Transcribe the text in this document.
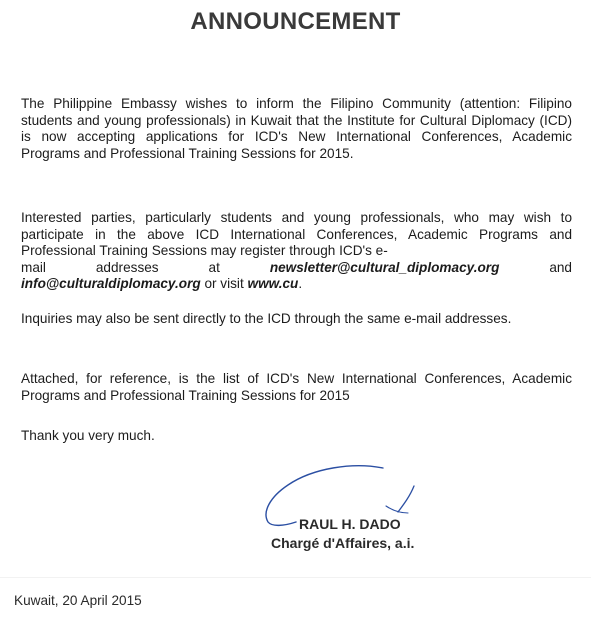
ANNOUNCEMENT

The Philippine Embassy wishes to inform the Filipino Community (attention: Filipino students and young professionals) in Kuwait that the Institute for Cultural Diplomacy (ICD) is now accepting applications for ICD's New International Conferences, Academic Programs and Professional Training Sessions for 2015.

Interested parties, particularly students and young professionals, who may wish to participate in the above ICD International Conferences, Academic Programs and Professional Training Sessions may register through ICD's e-
mail	addresses	at	newsletter@cultural_diplomacy.org	and
info@culturaldiplomacy.org or visit www.cu.

Inquiries may also be sent directly to the ICD through the same e-mail addresses.

Attached, for reference, is the list of ICD's New International Conferences, Academic Programs and Professional Training Sessions for 2015

Thank you very much.

RAUL H. DADO

Chargé d'Affaires, a.i.

Kuwait, 20 April 2015
